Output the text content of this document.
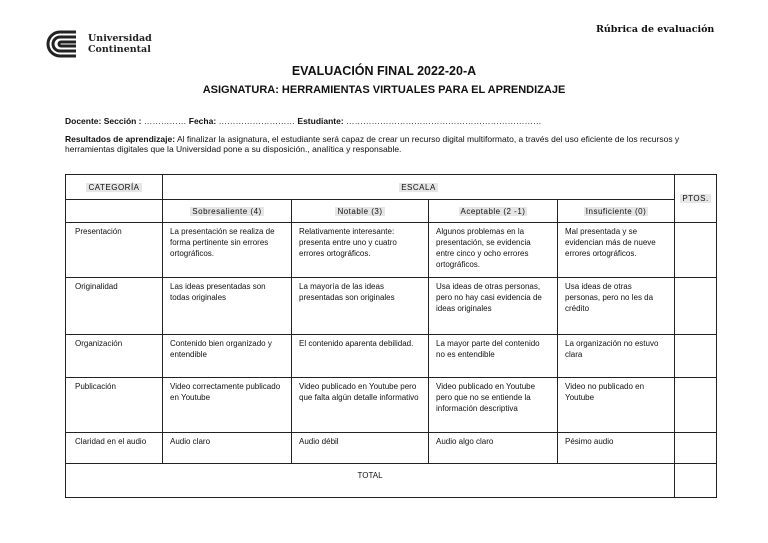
Universidad
Continental
Rúbrica de evaluación
EVALUACIÓN FINAL 2022-20-A
ASIGNATURA: HERRAMIENTAS VIRTUALES PARA EL APRENDIZAJE
Docente: Sección : …………… Fecha: ……………………… Estudiante: ……………………………………………………………
Resultados de aprendizaje: Al finalizar la asignatura, el estudiante será capaz de crear un recurso digital multiformato, a través del uso eficiente de los recursos y herramientas digitales que la Universidad pone a su disposición., analítica y responsable.
CATEGORÍA	ESCALA				PTOS.
	Sobresaliente (4)	Notable (3)	Aceptable (2 -1)	Insuficiente (0)	
Presentación	La presentación se realiza de forma pertinente sin errores ortográficos.	Relativamente interesante: presenta entre uno y cuatro errores ortográficos.	Algunos problemas en la presentación, se evidencia entre cinco y ocho errores ortográficos.	Mal presentada y se evidencian más de nueve errores ortográficos.	
Originalidad	Las ideas presentadas son todas originales	La mayoría de las ideas presentadas son originales	Usa ideas de otras personas, pero no hay casi evidencia de ideas originales	Usa ideas de otras personas, pero no les da crédito	
Organización	Contenido bien organizado y entendible	El contenido aparenta debilidad.	La mayor parte del contenido no es entendible	La organización no estuvo clara	
Publicación	Video correctamente publicado en Youtube	Video publicado en Youtube pero que falta algún detalle informativo	Video publicado en Youtube pero que no se entiende la información descriptiva	Video no publicado en Youtube	
Claridad en el audio	Audio claro	Audio débil	Audio algo claro	Pésimo audio	
TOTAL					
